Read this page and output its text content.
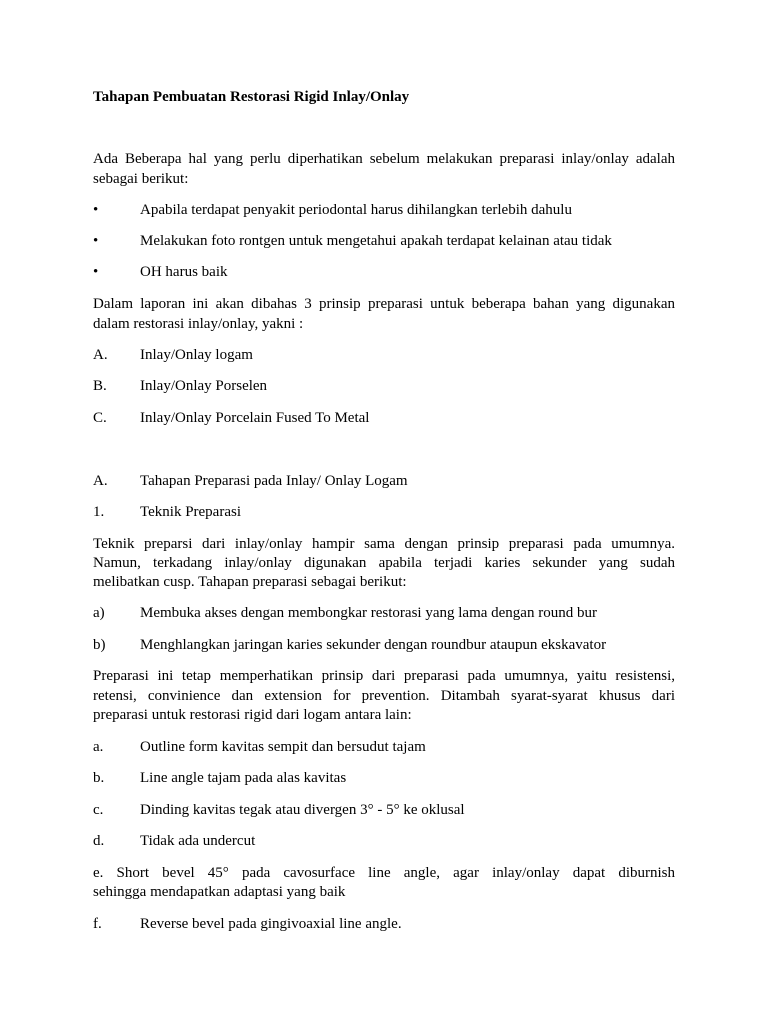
Tahapan Pembuatan Restorasi Rigid Inlay/Onlay
Ada Beberapa hal yang perlu diperhatikan sebelum melakukan preparasi inlay/onlay adalah
sebagai berikut:
•	Apabila terdapat penyakit periodontal harus dihilangkan terlebih dahulu
•	Melakukan foto rontgen untuk mengetahui apakah terdapat kelainan atau tidak
•	OH harus baik
Dalam laporan ini akan dibahas 3 prinsip preparasi untuk beberapa bahan yang digunakan
dalam restorasi inlay/onlay, yakni :
A. Inlay/Onlay logam
B. Inlay/Onlay Porselen
C. Inlay/Onlay Porcelain Fused To Metal
A. Tahapan Preparasi pada Inlay/ Onlay Logam
1. Teknik Preparasi
Teknik preparsi dari inlay/onlay hampir sama dengan prinsip preparasi pada umumnya.
Namun, terkadang inlay/onlay digunakan apabila terjadi karies sekunder yang sudah
melibatkan cusp. Tahapan preparasi sebagai berikut:
a) Membuka akses dengan membongkar restorasi yang lama dengan round bur
b) Menghlangkan jaringan karies sekunder dengan roundbur ataupun ekskavator
Preparasi ini tetap memperhatikan prinsip dari preparasi pada umumnya, yaitu resistensi,
retensi, convinience dan extension for prevention. Ditambah syarat-syarat khusus dari
preparasi untuk restorasi rigid dari logam antara lain:
a. Outline form kavitas sempit dan bersudut tajam
b. Line angle tajam pada alas kavitas
c. Dinding kavitas tegak atau divergen 3° - 5° ke oklusal
d. Tidak ada undercut
e. Short bevel 45° pada cavosurface line angle, agar inlay/onlay dapat diburnish
sehingga mendapatkan adaptasi yang baik
f.	Reverse bevel pada gingivoaxial line angle.
